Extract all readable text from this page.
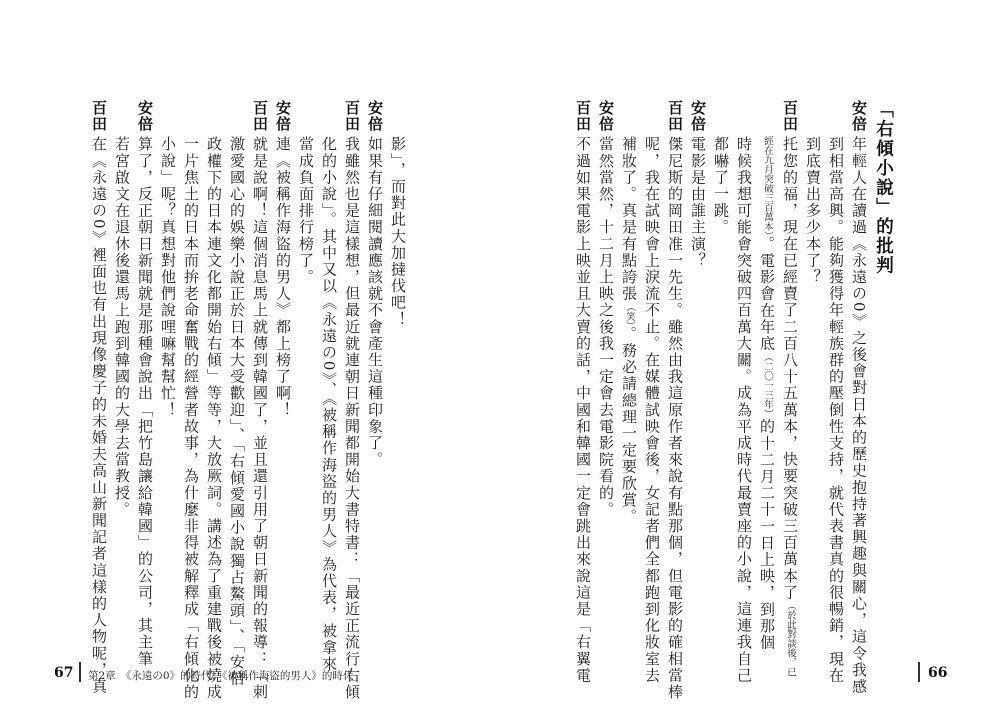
「右傾小說」的批判
安倍
百田
安倍
百田
安倍
百田
安倍
百田
安倍
百田
安倍
百田
年輕人在讀過《永遠の0》之後會對日本的歷史抱持著興趣與關心，這令我感
到相當高興。能夠獲得年輕族群的壓倒性支持，就代表書真的很暢銷，現在
到底賣出多少本了？
托您的福，現在已經賣了二百八十五萬本，快要突破三百萬本了（於此對談後，已
經在九月突破三百萬本）。電影會在年底（二〇一三年）的十二月二十一日上映，到那個
時候我想可能會突破四百萬大關。成為平成時代最賣座的小說，這連我自己
都嚇了一跳。
電影是由誰主演？
傑尼斯的岡田准一先生。雖然由我這原作者來說有點那個，但電影的確相當棒
呢，我在試映會上淚流不止。在媒體試映會後，女記者們全都跑到化妝室去
補妝了。真是有點誇張（笑）。務必請總理一定要欣賞。
當然當然，十二月上映之後我一定會去電影院看的。
不過如果電影上映並且大賣的話，中國和韓國一定會跳出來說這是「右翼電
影」，而對此大加撻伐吧！
如果有仔細閱讀應該就不會產生這種印象了。
我雖然也是這樣想，但最近就連朝日新聞都開始大書特書：「最近正流行右傾
化的小說」。其中又以《永遠の0》、《被稱作海盜的男人》為代表，被拿來
當成負面排行榜了。
連《被稱作海盜的男人》都上榜了啊！
就是說啊！這個消息馬上就傳到韓國了，並且還引用了朝日新聞的報導：「刺
激愛國心的娛樂小說正於日本大受歡迎」、「右傾愛國小說獨占鰲頭」、「安倍
政權下的日本連文化都開始右傾」等等，大放厥詞。講述為了重建戰後被燒成
一片焦土的日本而拚老命奮戰的經營者故事，為什麼非得被解釋成「右傾化的
小說」呢？真想對他們說哩嘛幫幫忙！
算了，反正朝日新聞就是那種會說出「把竹島讓給韓國」的公司，其主筆
若宮啟文在退休後還馬上跑到韓國的大學去當教授。
在《永遠の0》裡面也有出現像慶子的未婚夫高山新聞記者這樣的人物呢，真
67 第2章　《永遠の0》的時代、《被稱作海盜的男人》的時代	66
